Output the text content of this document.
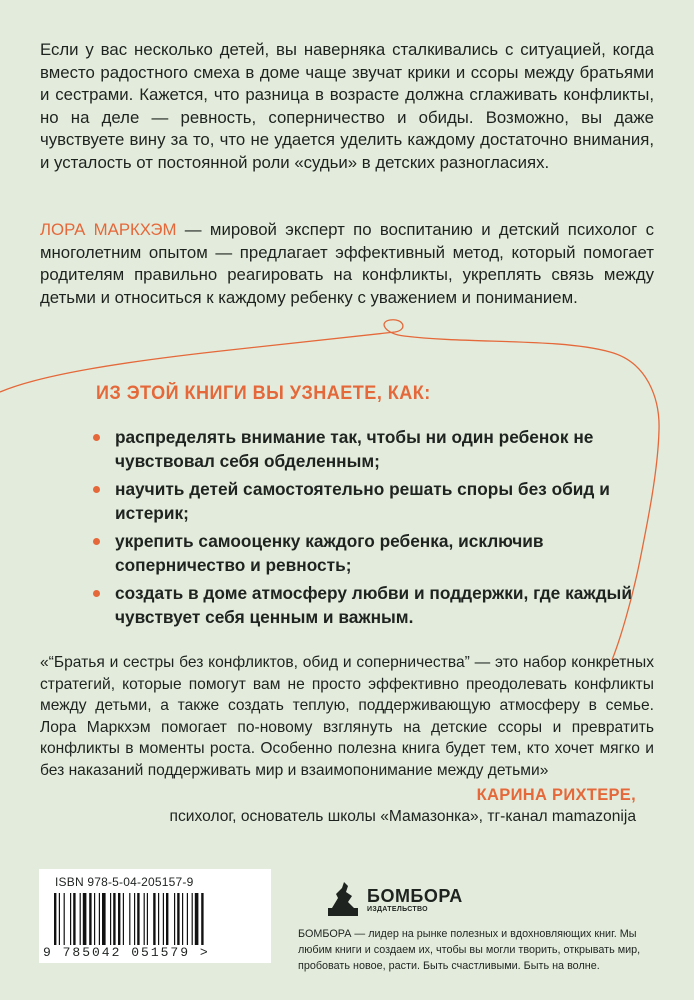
Если у вас несколько детей, вы наверняка сталкивались с ситуацией, когда вместо радостного смеха в доме чаще звучат крики и ссоры между братьями и сестрами. Кажется, что разница в возрасте должна сглаживать конфликты, но на деле — ревность, соперничество и обиды. Возможно, вы даже чувствуете вину за то, что не удается уделить каждому достаточно внимания, и усталость от постоянной роли «судьи» в детских разногласиях.

ЛОРА МАРКХЭМ — мировой эксперт по воспитанию и детский психолог с многолетним опытом — предлагает эффективный метод, который помогает родителям правильно реагировать на конфликты, укреплять связь между детьми и относиться к каждому ребенку с уважением и пониманием.

ИЗ ЭТОЙ КНИГИ ВЫ УЗНАЕТЕ, КАК:
распределять внимание так, чтобы ни один ребенок не чувствовал себя обделенным;
научить детей самостоятельно решать споры без обид и истерик;
укрепить самооценку каждого ребенка, исключив соперничество и ревность;
создать в доме атмосферу любви и поддержки, где каждый чувствует себя ценным и важным.

«“Братья и сестры без конфликтов, обид и соперничества” — это набор конкретных стратегий, которые помогут вам не просто эффективно преодолевать конфликты между детьми, а также создать теплую, поддерживающую атмосферу в семье. Лора Маркхэм помогает по-новому взглянуть на детские ссоры и превратить конфликты в моменты роста. Особенно полезна книга будет тем, кто хочет мягко и без наказаний поддерживать мир и взаимопонимание между детьми»

КАРИНА РИХТЕРЕ,
психолог, основатель школы «Мамазонка», тг-канал mamazonija
ISBN 978-5-04-205157-9
9 785042 051579 >
БОМБОРА
ИЗДАТЕЛЬСТВО
БОМБОРА — лидер на рынке полезных и вдохновляющих книг. Мы любим книги и создаем их, чтобы вы могли творить, открывать мир, пробовать новое, расти. Быть счастливыми. Быть на волне.
